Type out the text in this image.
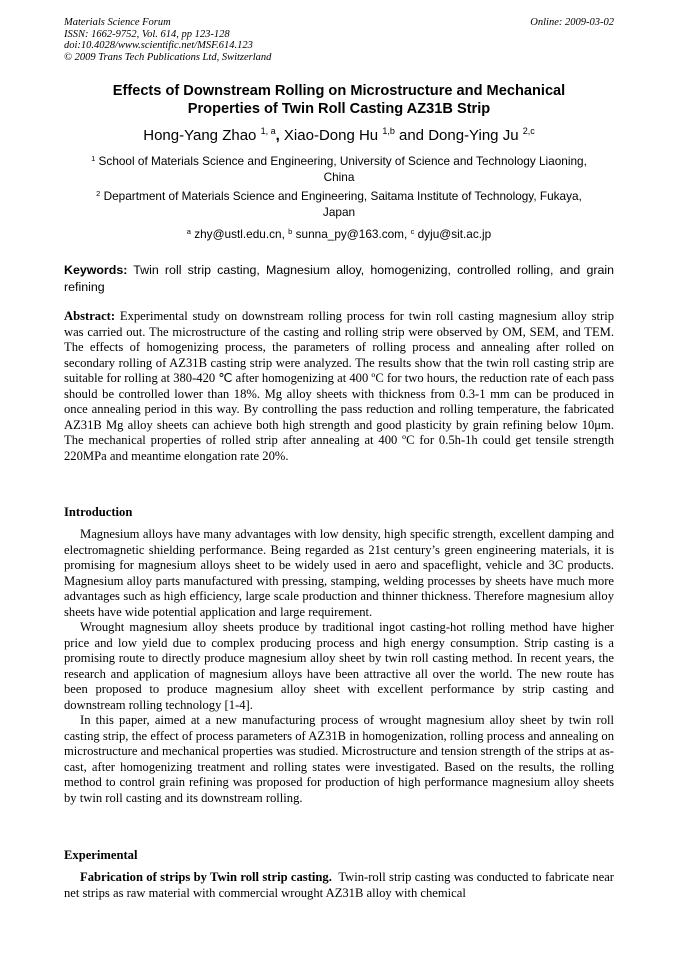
Materials Science Forum
ISSN: 1662-9752, Vol. 614, pp 123-128
doi:10.4028/www.scientific.net/MSF.614.123
© 2009 Trans Tech Publications Ltd, Switzerland
Online: 2009-03-02
Effects of Downstream Rolling on Microstructure and Mechanical
Properties of Twin Roll Casting AZ31B Strip
Hong-Yang Zhao $^{1, a}$, Xiao-Dong Hu $^{1,b}$ and Dong-Ying Ju $^{2,c}$
$^1$ School of Materials Science and Engineering, University of Science and Technology Liaoning,
China
$^2$ Department of Materials Science and Engineering, Saitama Institute of Technology, Fukaya,
Japan
$^a$ zhy@ustl.edu.cn, $^b$ sunna_py@163.com, $^c$ dyju@sit.ac.jp
Keywords: Twin roll strip casting, Magnesium alloy, homogenizing, controlled rolling, and grain refining

Abstract: Experimental study on downstream rolling process for twin roll casting magnesium alloy strip was carried out. The microstructure of the casting and rolling strip were observed by OM, SEM, and TEM. The effects of homogenizing process, the parameters of rolling process and annealing after rolled on secondary rolling of AZ31B casting strip were analyzed. The results show that the twin roll casting strip are suitable for rolling at 380-420 ℃ after homogenizing at 400 ºC for two hours, the reduction rate of each pass should be controlled lower than 18%. Mg alloy sheets with thickness from 0.3-1 mm can be produced in once annealing period in this way. By controlling the pass reduction and rolling temperature, the fabricated AZ31B Mg alloy sheets can achieve both high strength and good plasticity by grain refining below 10μm. The mechanical properties of rolled strip after annealing at 400 ºC for 0.5h-1h could get tensile strength 220MPa and meantime elongation rate 20%.

Introduction

Magnesium alloys have many advantages with low density, high specific strength, excellent damping and electromagnetic shielding performance. Being regarded as 21st century’s green engineering materials, it is promising for magnesium alloys sheet to be widely used in aero and spaceflight, vehicle and 3C products. Magnesium alloy parts manufactured with pressing, stamping, welding processes by sheets have much more advantages such as high efficiency, large scale production and thinner thickness. Therefore magnesium alloy sheets have wide potential application and large requirement.

Wrought magnesium alloy sheets produce by traditional ingot casting-hot rolling method have higher price and low yield due to complex producing process and high energy consumption. Strip casting is a promising route to directly produce magnesium alloy sheet by twin roll casting method. In recent years, the research and application of magnesium alloys have been attractive all over the world. The new route has been proposed to produce magnesium alloy sheet with excellent performance by strip casting and downstream rolling technology [1-4].

In this paper, aimed at a new manufacturing process of wrought magnesium alloy sheet by twin roll casting strip, the effect of process parameters of AZ31B in homogenization, rolling process and annealing on microstructure and mechanical properties was studied. Microstructure and tension strength of the strips at as-cast, after homogenizing treatment and rolling states were investigated. Based on the results, the rolling method to control grain refining was proposed for production of high performance magnesium alloy sheets by twin roll casting and its downstream rolling.

Experimental

Fabrication of strips by Twin roll strip casting. Twin-roll strip casting was conducted to fabricate near net strips as raw material with commercial wrought AZ31B alloy with chemical
